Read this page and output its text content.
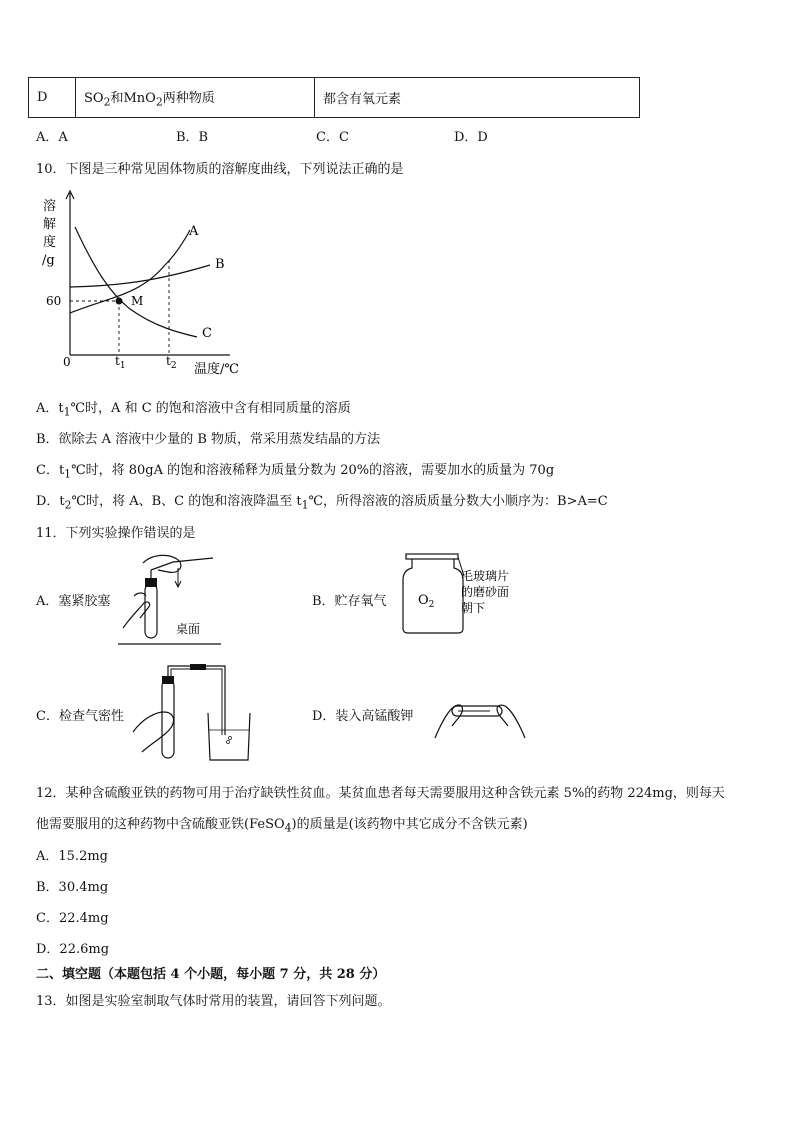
D	$SO_2$和MnO$_2$两种物质	都含有氧元素
A．A	B．B	C．C	D．D
10．下图是三种常见固体物质的溶解度曲线，下列说法正确的是
溶
解
度
/g
60	M
A
B
C
0	$t_1$	$t_2$ 温度/℃
A．$t_1℃$时，A 和 C 的饱和溶液中含有相同质量的溶质
B．欲除去 A 溶液中少量的 B 物质，常采用蒸发结晶的方法
C．$t_1℃$时，将 80gA 的饱和溶液稀释为质量分数为 20%的溶液，需要加水的质量为 70g
D．$t_2℃$时，将 A、B、C 的饱和溶液降温至 $t_1℃$，所得溶液的溶质质量分数大小顺序为：B>A=C
11．下列实验操作错误的是
A．塞紧胶塞
桌面
B．贮存氧气 $O_2$
毛玻璃片
的磨砂面
朝下
C．检查气密性	D．装入高锰酸钾
12．某种含硫酸亚铁的药物可用于治疗缺铁性贫血。某贫血患者每天需要服用这种含铁元素 5%的药物 224mg，则每天
他需要服用的这种药物中含硫酸亚铁(FeSO$_4$)的质量是(该药物中其它成分不含铁元素)
A．15.2mg
B．30.4mg
C．22.4mg
D．22.6mg
二、填空题（本题包括 4 个小题，每小题 7 分，共 28 分）
13．如图是实验室制取气体时常用的装置，请回答下列问题。
